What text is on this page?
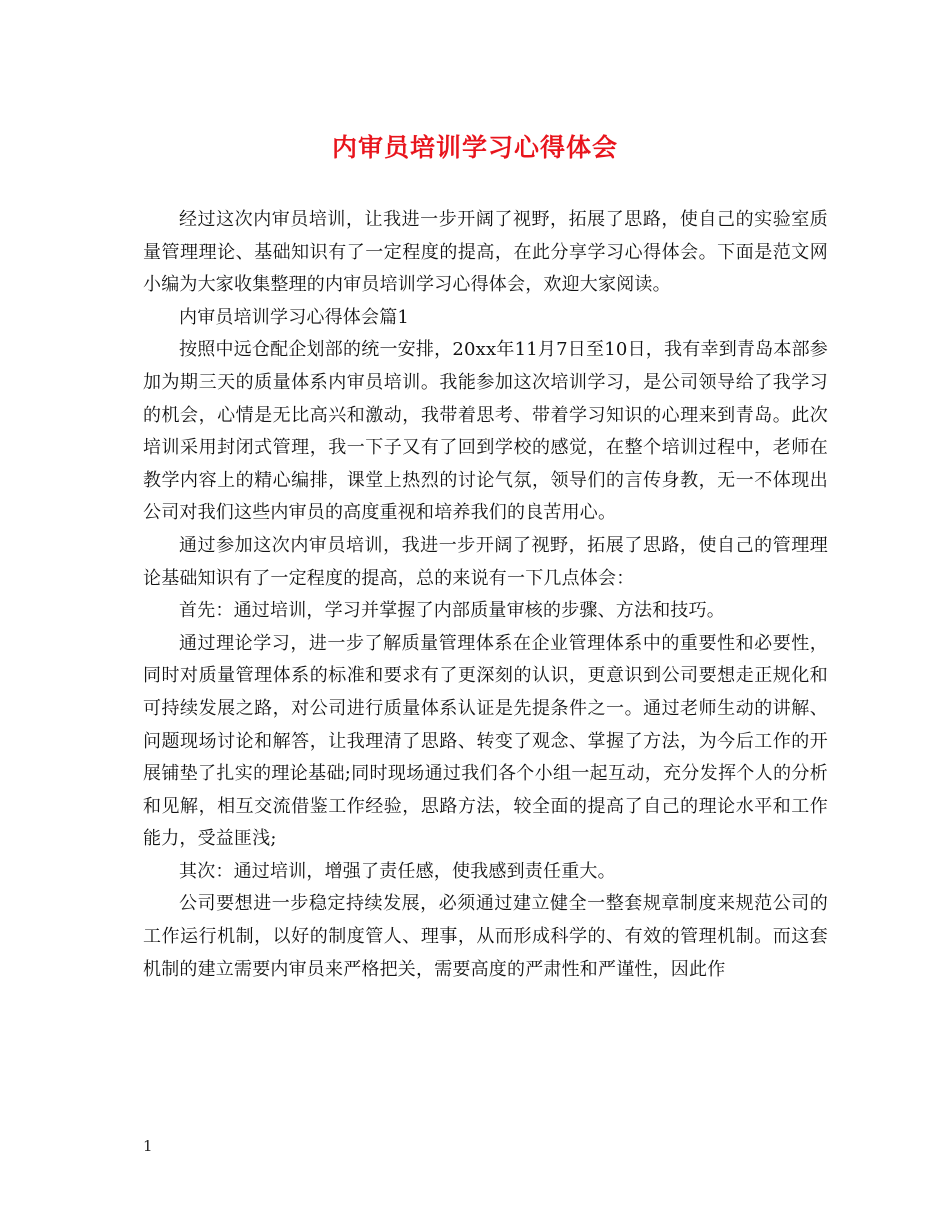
内审员培训学习心得体会

经过这次内审员培训，让我进一步开阔了视野，拓展了思路，使自己的实验室质量管理理论、基础知识有了一定程度的提高，在此分享学习心得体会。下面是范文网小编为大家收集整理的内审员培训学习心得体会，欢迎大家阅读。

内审员培训学习心得体会篇1

按照中远仓配企划部的统一安排，20xx年11月7日至10日，我有幸到青岛本部参加为期三天的质量体系内审员培训。我能参加这次培训学习，是公司领导给了我学习的机会，心情是无比高兴和激动，我带着思考、带着学习知识的心理来到青岛。此次培训采用封闭式管理，我一下子又有了回到学校的感觉，在整个培训过程中，老师在教学内容上的精心编排，课堂上热烈的讨论气氛，领导们的言传身教，无一不体现出公司对我们这些内审员的高度重视和培养我们的良苦用心。

通过参加这次内审员培训，我进一步开阔了视野，拓展了思路，使自己的管理理论基础知识有了一定程度的提高，总的来说有一下几点体会：

首先：通过培训，学习并掌握了内部质量审核的步骤、方法和技巧。

通过理论学习，进一步了解质量管理体系在企业管理体系中的重要性和必要性，同时对质量管理体系的标准和要求有了更深刻的认识，更意识到公司要想走正规化和可持续发展之路，对公司进行质量体系认证是先提条件之一。通过老师生动的讲解、问题现场讨论和解答，让我理清了思路、转变了观念、掌握了方法，为今后工作的开展铺垫了扎实的理论基础;同时现场通过我们各个小组一起互动，充分发挥个人的分析和见解，相互交流借鉴工作经验，思路方法，较全面的提高了自己的理论水平和工作能力，受益匪浅;

其次：通过培训，增强了责任感，使我感到责任重大。

公司要想进一步稳定持续发展，必须通过建立健全一整套规章制度来规范公司的工作运行机制，以好的制度管人、理事，从而形成科学的、有效的管理机制。而这套机制的建立需要内审员来严格把关，需要高度的严肃性和严谨性，因此作

1
